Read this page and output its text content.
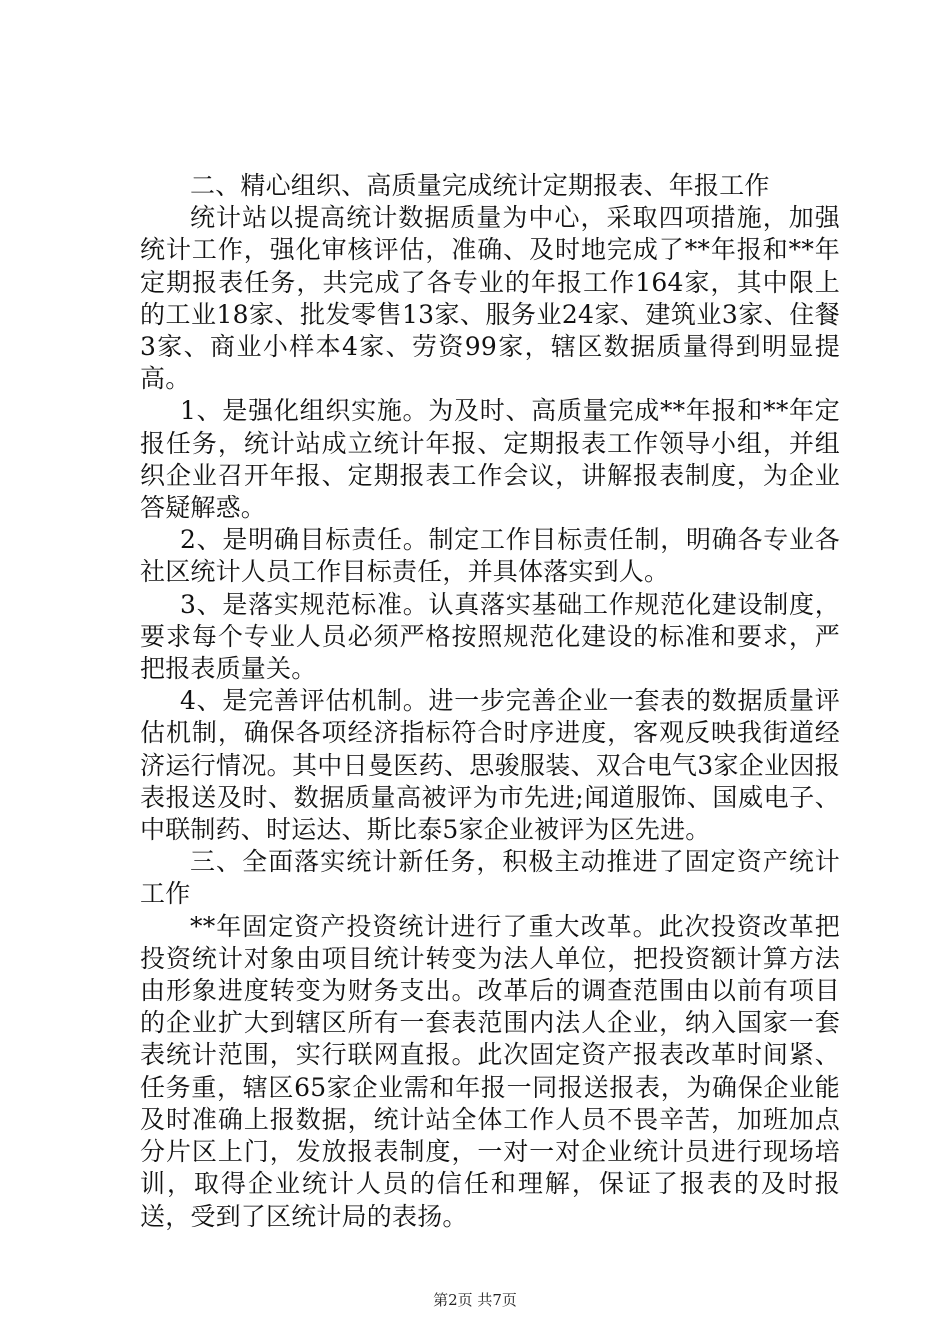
二、精心组织、高质量完成统计定期报表、年报工作

统计站以提高统计数据质量为中心，采取四项措施，加强统计工作，强化审核评估，准确、及时地完成了**年报和**年定期报表任务，共完成了各专业的年报工作164家，其中限上的工业18家、批发零售13家、服务业24家、建筑业3家、住餐3家、商业小样本4家、劳资99家，辖区数据质量得到明显提高。

1、是强化组织实施。为及时、高质量完成**年报和**年定报任务，统计站成立统计年报、定期报表工作领导小组，并组织企业召开年报、定期报表工作会议，讲解报表制度，为企业答疑解惑。

2、是明确目标责任。制定工作目标责任制，明确各专业各社区统计人员工作目标责任，并具体落实到人。

3、是落实规范标准。认真落实基础工作规范化建设制度，要求每个专业人员必须严格按照规范化建设的标准和要求，严把报表质量关。

4、是完善评估机制。进一步完善企业一套表的数据质量评估机制，确保各项经济指标符合时序进度，客观反映我街道经济运行情况。其中日曼医药、思骏服装、双合电气3家企业因报表报送及时、数据质量高被评为市先进;闻道服饰、国威电子、中联制药、时运达、斯比泰5家企业被评为区先进。

三、全面落实统计新任务，积极主动推进了固定资产统计工作

**年固定资产投资统计进行了重大改革。此次投资改革把投资统计对象由项目统计转变为法人单位，把投资额计算方法由形象进度转变为财务支出。改革后的调查范围由以前有项目的企业扩大到辖区所有一套表范围内法人企业，纳入国家一套表统计范围，实行联网直报。此次固定资产报表改革时间紧、任务重，辖区65家企业需和年报一同报送报表，为确保企业能及时准确上报数据，统计站全体工作人员不畏辛苦，加班加点分片区上门，发放报表制度，一对一对企业统计员进行现场培训，取得企业统计人员的信任和理解，保证了报表的及时报送，受到了区统计局的表扬。

第2页 共7页
